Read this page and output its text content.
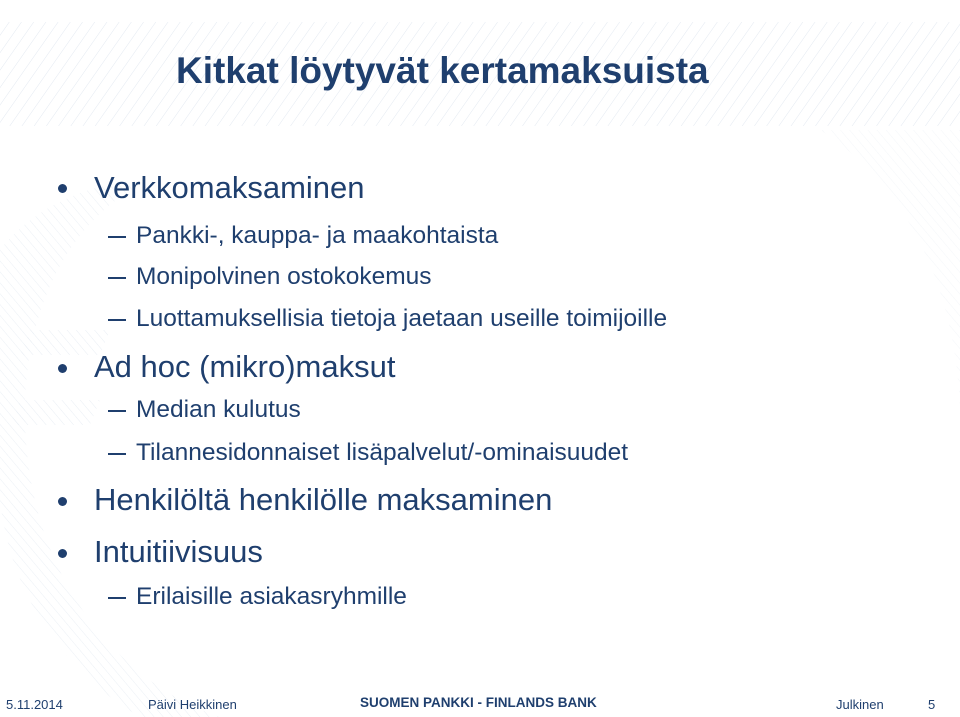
Kitkat löytyvät kertamaksuista
Verkkomaksaminen
Pankki-, kauppa- ja maakohtaista
Monipolvinen ostokokemus
Luottamuksellisia tietoja jaetaan useille toimijoille
Ad hoc (mikro)maksut
Median kulutus
Tilannesidonnaiset lisäpalvelut/-ominaisuudet
Henkilöltä henkilölle maksaminen
Intuitiivisuus
Erilaisille asiakasryhmille
5.11.2014	Päivi Heikkinen	SUOMEN PANKKI - FINLANDS BANK	Julkinen	5
